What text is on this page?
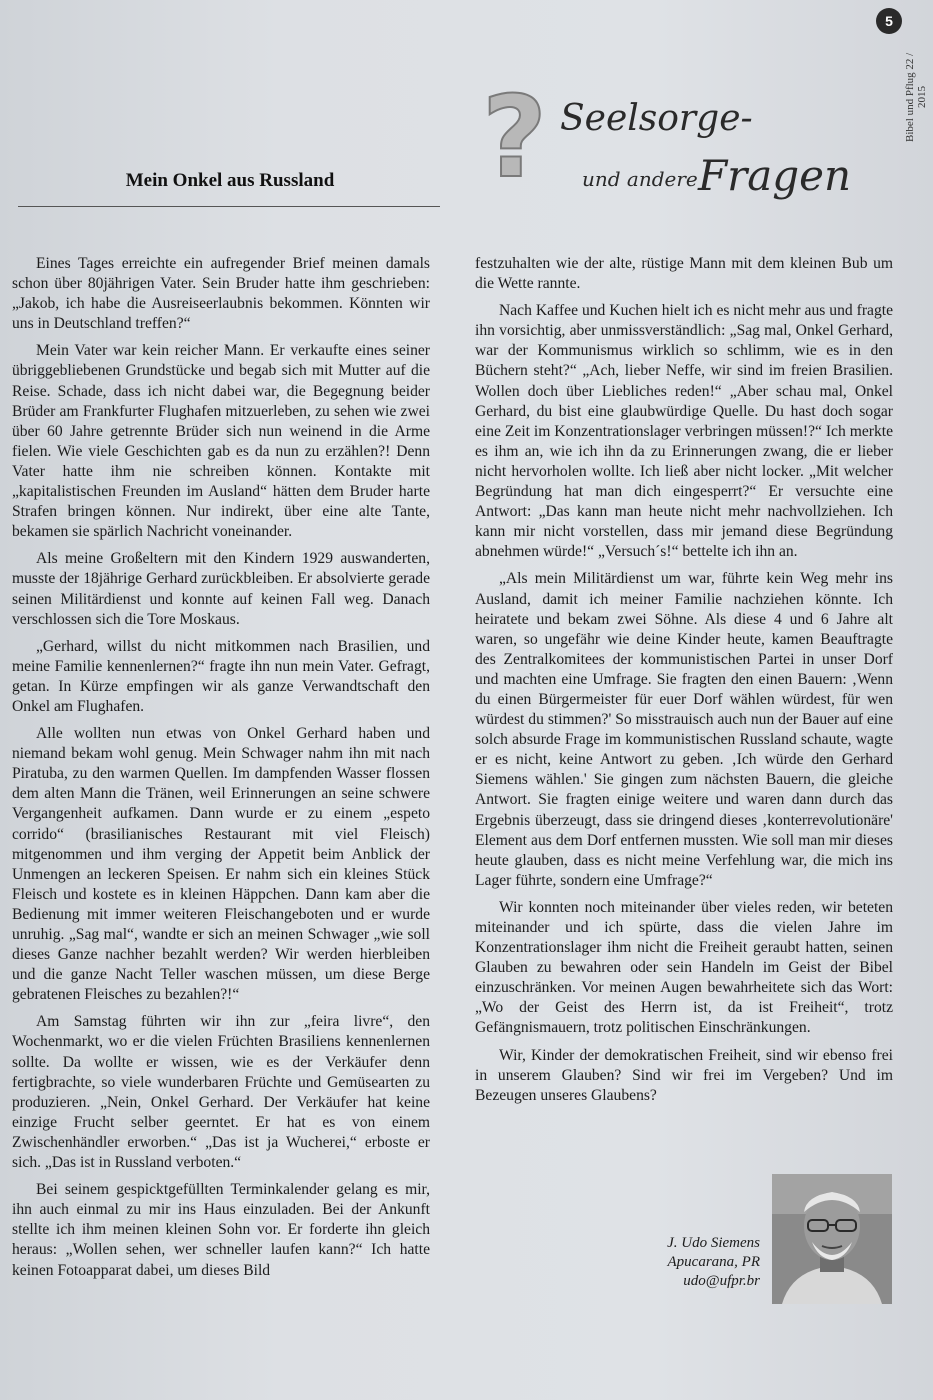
5
Bibel und Pflug 22 / 2015
? Seelsorge-
und andere Fragen
Mein Onkel aus Russland

Eines Tages erreichte ein aufregender Brief meinen damals schon über 80jährigen Vater. Sein Bruder hatte ihm geschrieben: „Jakob, ich habe die Ausreiseerlaubnis bekommen. Könnten wir uns in Deutschland treffen?“

Mein Vater war kein reicher Mann. Er verkaufte eines seiner übriggebliebenen Grundstücke und begab sich mit Mutter auf die Reise. Schade, dass ich nicht dabei war, die Begegnung beider Brüder am Frankfurter Flughafen mitzuerleben, zu sehen wie zwei über 60 Jahre getrennte Brüder sich nun weinend in die Arme fielen. Wie viele Geschichten gab es da nun zu erzählen?! Denn Vater hatte ihm nie schreiben können. Kontakte mit „kapitalistischen Freunden im Ausland“ hätten dem Bruder harte Strafen bringen können. Nur indirekt, über eine alte Tante, bekamen sie spärlich Nachricht voneinander.

Als meine Großeltern mit den Kindern 1929 auswanderten, musste der 18jährige Gerhard zurückbleiben. Er absolvierte gerade seinen Militärdienst und konnte auf keinen Fall weg. Danach verschlossen sich die Tore Moskaus.

„Gerhard, willst du nicht mitkommen nach Brasilien, und meine Familie kennenlernen?“ fragte ihn nun mein Vater. Gefragt, getan. In Kürze empfingen wir als ganze Verwandtschaft den Onkel am Flughafen.

Alle wollten nun etwas von Onkel Gerhard haben und niemand bekam wohl genug. Mein Schwager nahm ihn mit nach Piratuba, zu den warmen Quellen. Im dampfenden Wasser flossen dem alten Mann die Tränen, weil Erinnerungen an seine schwere Vergangenheit aufkamen. Dann wurde er zu einem „espeto corrido“ (brasilianisches Restaurant mit viel Fleisch) mitgenommen und ihm verging der Appetit beim Anblick der Unmengen an leckeren Speisen. Er nahm sich ein kleines Stück Fleisch und kostete es in kleinen Häppchen. Dann kam aber die Bedienung mit immer weiteren Fleischangeboten und er wurde unruhig. „Sag mal“, wandte er sich an meinen Schwager „wie soll dieses Ganze nachher bezahlt werden? Wir werden hierbleiben und die ganze Nacht Teller waschen müssen, um diese Berge gebratenen Fleisches zu bezahlen?!“

Am Samstag führten wir ihn zur „feira livre“, den Wochenmarkt, wo er die vielen Früchten Brasiliens kennenlernen sollte. Da wollte er wissen, wie es der Verkäufer denn fertigbrachte, so viele wunderbaren Früchte und Gemüsearten zu produzieren. „Nein, Onkel Gerhard. Der Verkäufer hat keine einzige Frucht selber geerntet. Er hat es von einem Zwischenhändler erworben.“ „Das ist ja Wucherei,“ erboste er sich. „Das ist in Russland verboten.“

Bei seinem gespicktgefüllten Terminkalender gelang es mir, ihn auch einmal zu mir ins Haus einzuladen. Bei der Ankunft stellte ich ihm meinen kleinen Sohn vor. Er forderte ihn gleich heraus: „Wollen sehen, wer schneller laufen kann?“ Ich hatte keinen Fotoapparat dabei, um dieses Bild

festzuhalten wie der alte, rüstige Mann mit dem kleinen Bub um die Wette rannte.

Nach Kaffee und Kuchen hielt ich es nicht mehr aus und fragte ihn vorsichtig, aber unmissverständlich: „Sag mal, Onkel Gerhard, war der Kommunismus wirklich so schlimm, wie es in den Büchern steht?“ „Ach, lieber Neffe, wir sind im freien Brasilien. Wollen doch über Liebliches reden!“ „Aber schau mal, Onkel Gerhard, du bist eine glaubwürdige Quelle. Du hast doch sogar eine Zeit im Konzentrationslager verbringen müssen!?“ Ich merkte es ihm an, wie ich ihn da zu Erinnerungen zwang, die er lieber nicht hervorholen wollte. Ich ließ aber nicht locker. „Mit welcher Begründung hat man dich eingesperrt?“ Er versuchte eine Antwort: „Das kann man heute nicht mehr nachvollziehen. Ich kann mir nicht vorstellen, dass mir jemand diese Begründung abnehmen würde!“ „Versuch´s!“ bettelte ich ihn an.

„Als mein Militärdienst um war, führte kein Weg mehr ins Ausland, damit ich meiner Familie nachziehen könnte. Ich heiratete und bekam zwei Söhne. Als diese 4 und 6 Jahre alt waren, so ungefähr wie deine Kinder heute, kamen Beauftragte des Zentralkomitees der kommunistischen Partei in unser Dorf und machten eine Umfrage. Sie fragten den einen Bauern: ‚Wenn du einen Bürgermeister für euer Dorf wählen würdest, für wen würdest du stimmen?' So misstrauisch auch nun der Bauer auf eine solch absurde Frage im kommunistischen Russland schaute, wagte er es nicht, keine Antwort zu geben. ‚Ich würde den Gerhard Siemens wählen.' Sie gingen zum nächsten Bauern, die gleiche Antwort. Sie fragten einige weitere und waren dann durch das Ergebnis überzeugt, dass sie dringend dieses ‚konterrevolutionäre' Element aus dem Dorf entfernen mussten. Wie soll man mir dieses heute glauben, dass es nicht meine Verfehlung war, die mich ins Lager führte, sondern eine Umfrage?“

Wir konnten noch miteinander über vieles reden, wir beteten miteinander und ich spürte, dass die vielen Jahre im Konzentrationslager ihm nicht die Freiheit geraubt hatten, seinen Glauben zu bewahren oder sein Handeln im Geist der Bibel einzuschränken. Vor meinen Augen bewahrheitete sich das Wort: „Wo der Geist des Herrn ist, da ist Freiheit“, trotz Gefängnismauern, trotz politischen Einschränkungen.

Wir, Kinder der demokratischen Freiheit, sind wir ebenso frei in unserem Glauben? Sind wir frei im Vergeben? Und im Bezeugen unseres Glaubens?

J. Udo Siemens
Apucarana, PR
udo@ufpr.br
